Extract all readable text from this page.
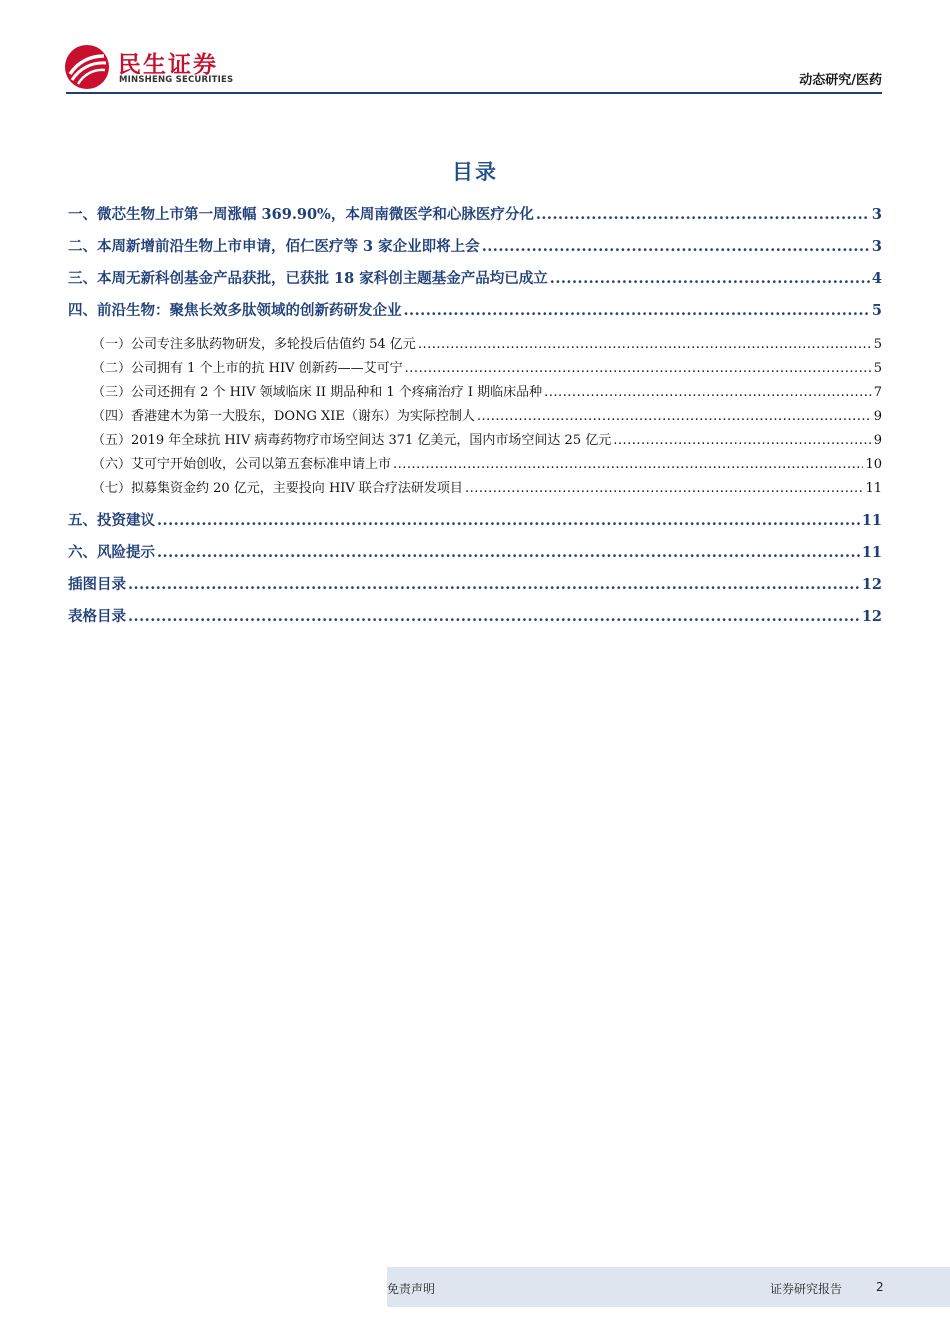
民生证券
MINSHENG SECURITIES	动态研究/医药
目录
一、微芯生物上市第一周涨幅 369.90%，本周南微医学和心脉医疗分化 .....	3
二、本周新增前沿生物上市申请，佰仁医疗等 3 家企业即将上会 .....	3
三、本周无新科创基金产品获批，已获批 18 家科创主题基金产品均已成立 .....	4
四、前沿生物：聚焦长效多肽领域的创新药研发企业 .....	5
（一）公司专注多肽药物研发，多轮投后估值约 54 亿元 .....	5
（二）公司拥有 1 个上市的抗 HIV 创新药——艾可宁 .....	5
（三）公司还拥有 2 个 HIV 领域临床 II 期品种和 1 个疼痛治疗 I 期临床品种 .....	7
（四）香港建木为第一大股东，DONG XIE（谢东）为实际控制人 .....	9
（五）2019 年全球抗 HIV 病毒药物疗市场空间达 371 亿美元，国内市场空间达 25 亿元 .....	9
（六）艾可宁开始创收，公司以第五套标准申请上市 .....	10
（七）拟募集资金约 20 亿元，主要投向 HIV 联合疗法研发项目 .....	11
五、投资建议 .....	11
六、风险提示 .....	11
插图目录 .....	12
表格目录 .....	12
免责声明	证券研究报告	2
